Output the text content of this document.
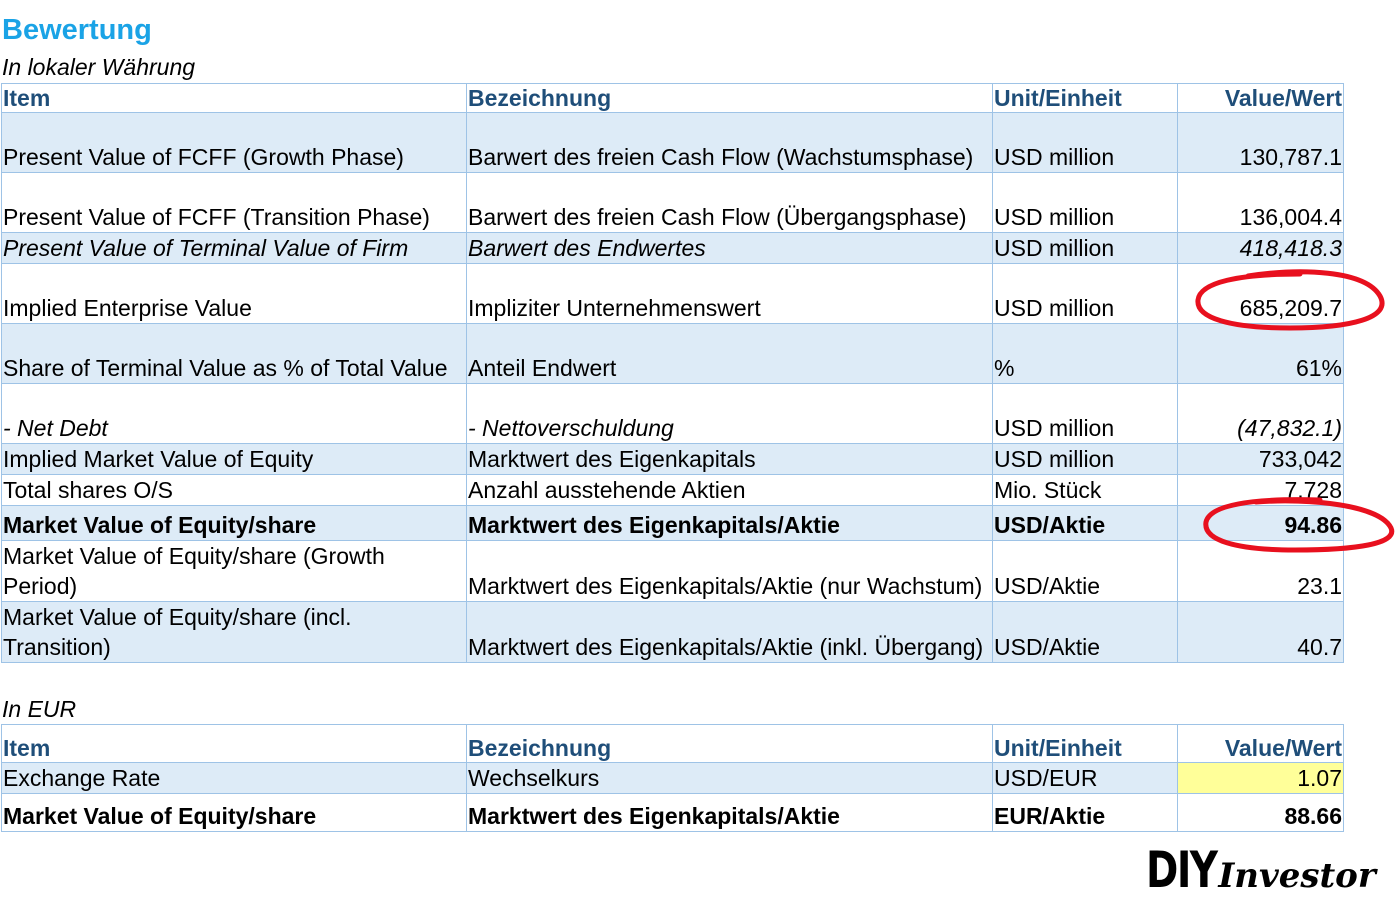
Bewertung
In lokaler Währung
Item	Bezeichnung	Unit/Einheit	Value/Wert
Present Value of FCFF (Growth Phase)	Barwert des freien Cash Flow (Wachstumsphase)	USD million	130,787.1
Present Value of FCFF (Transition Phase)	Barwert des freien Cash Flow (Übergangsphase)	USD million	136,004.4
Present Value of Terminal Value of Firm	Barwert des Endwertes	USD million	418,418.3
Implied Enterprise Value	Impliziter Unternehmenswert	USD million	685,209.7
Share of Terminal Value as % of Total Value	Anteil Endwert	%	61%
- Net Debt	- Nettoverschuldung	USD million	(47,832.1)
Implied Market Value of Equity	Marktwert des Eigenkapitals	USD million	733,042
Total shares O/S	Anzahl ausstehende Aktien	Mio. Stück	7,728
Market Value of Equity/share	Marktwert des Eigenkapitals/Aktie	USD/Aktie	94.86
Market Value of Equity/share (Growth Period)	Marktwert des Eigenkapitals/Aktie (nur Wachstum)	USD/Aktie	23.1
Market Value of Equity/share (incl. Transition)	Marktwert des Eigenkapitals/Aktie (inkl. Übergang)	USD/Aktie	40.7
In EUR
Item	Bezeichnung	Unit/Einheit	Value/Wert
Exchange Rate	Wechselkurs	USD/EUR	1.07
Market Value of Equity/share	Marktwert des Eigenkapitals/Aktie	EUR/Aktie	88.66
DIY Investor
